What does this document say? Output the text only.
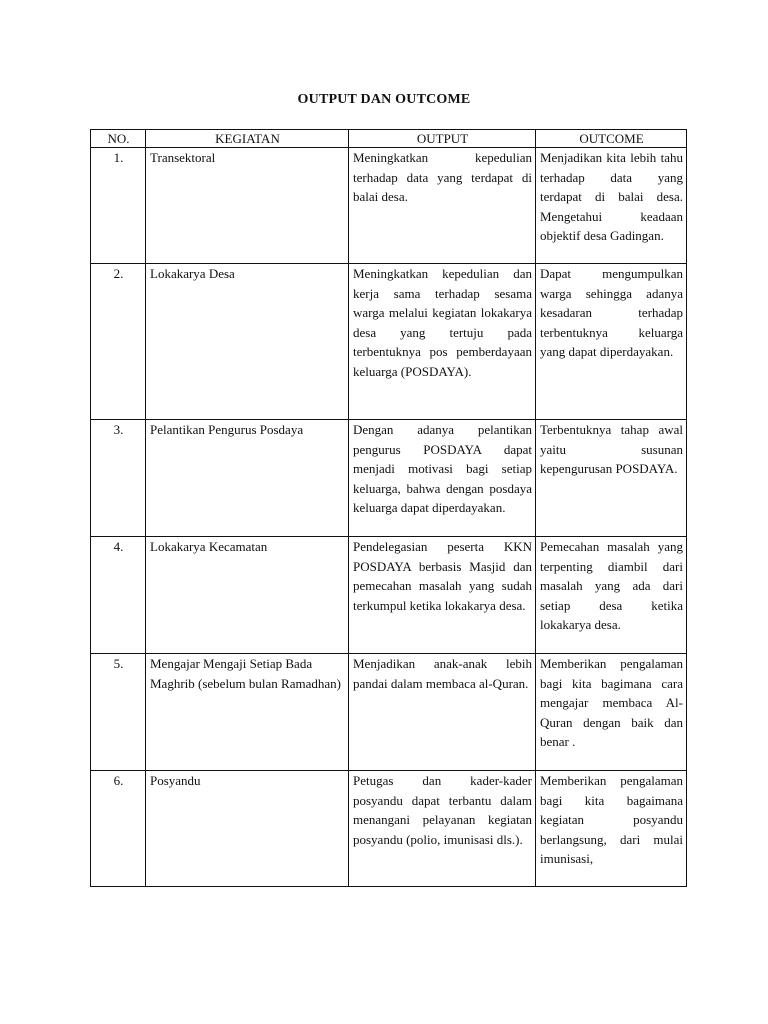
OUTPUT DAN OUTCOME
NO.	KEGIATAN	OUTPUT	OUTCOME
1.	Transektoral	Meningkatkan kepedulian terhadap data yang terdapat di balai desa.	Menjadikan kita lebih tahu terhadap data yang terdapat di balai desa. Mengetahui keadaan objektif desa Gadingan.
2.	Lokakarya Desa	Meningkatkan kepedulian dan kerja sama terhadap sesama warga melalui kegiatan lokakarya desa yang tertuju pada terbentuknya pos pemberdayaan keluarga (POSDAYA).	Dapat mengumpulkan warga sehingga adanya kesadaran terhadap terbentuknya keluarga yang dapat diperdayakan.
3.	Pelantikan Pengurus Posdaya	Dengan adanya pelantikan pengurus POSDAYA dapat menjadi motivasi bagi setiap keluarga, bahwa dengan posdaya keluarga dapat diperdayakan.	Terbentuknya tahap awal yaitu susunan kepengurusan POSDAYA.
4.	Lokakarya Kecamatan	Pendelegasian peserta KKN POSDAYA berbasis Masjid dan pemecahan masalah yang sudah terkumpul ketika lokakarya desa.	Pemecahan masalah yang terpenting diambil dari masalah yang ada dari setiap desa ketika lokakarya desa.
5.	Mengajar Mengaji Setiap Bada Maghrib (sebelum bulan Ramadhan)	Menjadikan anak-anak lebih pandai dalam membaca al-Quran.	Memberikan pengalaman bagi kita bagimana cara mengajar membaca Al-Quran dengan baik dan benar .
6.	Posyandu	Petugas dan kader-kader posyandu dapat terbantu dalam menangani pelayanan kegiatan posyandu (polio, imunisasi dls.).	Memberikan pengalaman bagi kita bagaimana kegiatan posyandu berlangsung, dari mulai imunisasi,
